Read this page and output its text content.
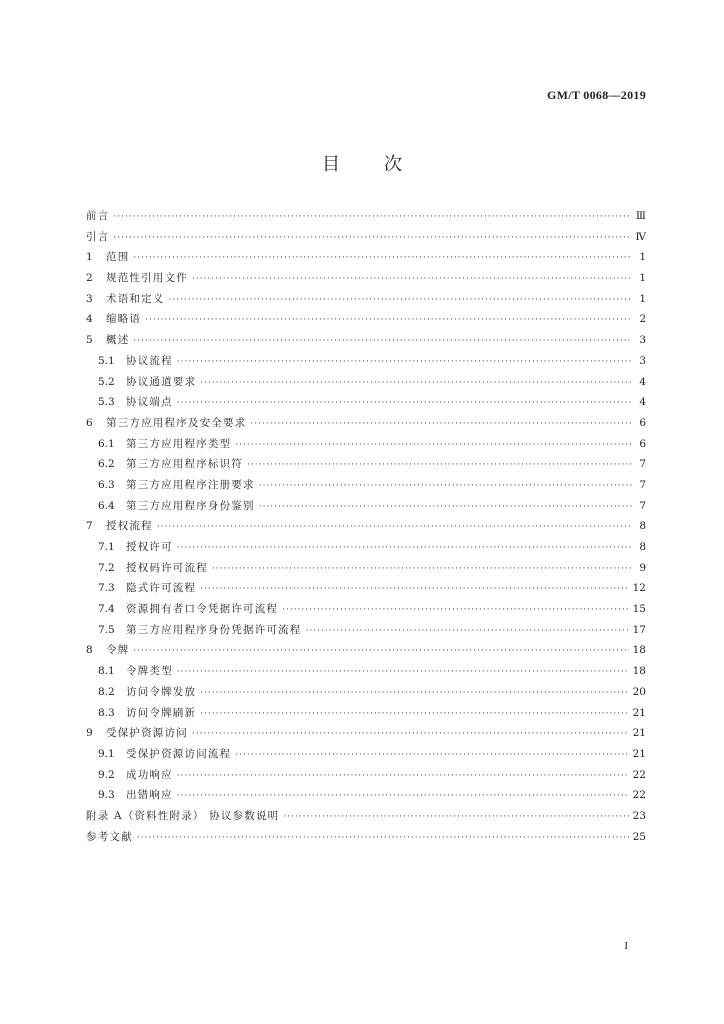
GM/T 0068—2019
目 次
前言 ·····	Ⅲ
引言 ·····	Ⅳ
1	范围 ·····	1
2	规范性引用文件 ·····	1
3	术语和定义 ·····	1
4	缩略语 ·····	2
5	概述 ·····	3
5.1	协议流程 ·····	3
5.2	协议通道要求 ·····	4
5.3	协议端点 ·····	4
6	第三方应用程序及安全要求 ·····	6
6.1	第三方应用程序类型 ·····	6
6.2	第三方应用程序标识符 ·····	7
6.3	第三方应用程序注册要求 ·····	7
6.4	第三方应用程序身份鉴别 ·····	7
7	授权流程 ·····	8
7.1	授权许可 ·····	8
7.2	授权码许可流程 ·····	9
7.3	隐式许可流程 ·····	12
7.4	资源拥有者口令凭据许可流程 ·····	15
7.5	第三方应用程序身份凭据许可流程 ·····	17
8	令牌 ·····	18
8.1	令牌类型 ·····	18
8.2	访问令牌发放 ·····	20
8.3	访问令牌刷新 ·····	21
9	受保护资源访问 ·····	21
9.1	受保护资源访问流程 ·····	21
9.2	成功响应 ·····	22
9.3	出错响应 ·····	22
附录 A（资料性附录） 协议参数说明 ·····	23
参考文献 ·····	25
I
